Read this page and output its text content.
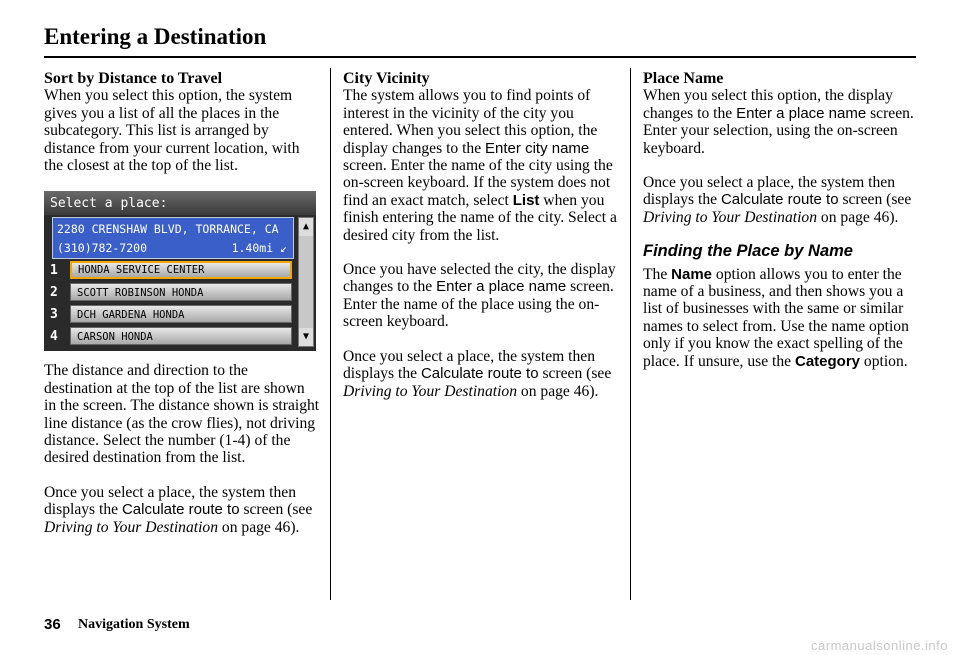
Entering a Destination
Sort by Distance to Travel

When you select this option, the system gives you a list of all the places in the subcategory. This list is arranged by distance from your current location, with the closest at the top of the list.

Select a place:
2280 CRENSHAW BLVD, TORRANCE, CA
(310)782-7200	1.40mi ↙
1	HONDA SERVICE CENTER
2	SCOTT ROBINSON HONDA
3	DCH GARDENA HONDA
4	CARSON HONDA
▲
▼

The distance and direction to the destination at the top of the list are shown in the screen. The distance shown is straight line distance (as the crow flies), not driving distance. Select the number (1-4) of the desired destination from the list.

Once you select a place, the system then displays the Calculate route to screen (see Driving to Your Destination on page 46).

City Vicinity

The system allows you to find points of interest in the vicinity of the city you entered. When you select this option, the display changes to the Enter city name screen. Enter the name of the city using the on-screen keyboard. If the system does not find an exact match, select List when you finish entering the name of the city. Select a desired city from the list.

Once you have selected the city, the display changes to the Enter a place name screen. Enter the name of the place using the on-screen keyboard.

Once you select a place, the system then displays the Calculate route to screen (see Driving to Your Destination on page 46).

Place Name

When you select this option, the display changes to the Enter a place name screen. Enter your selection, using the on-screen keyboard.

Once you select a place, the system then displays the Calculate route to screen (see Driving to Your Destination on page 46).

Finding the Place by Name

The Name option allows you to enter the name of a business, and then shows you a list of businesses with the same or similar names to select from. Use the name option only if you know the exact spelling of the place. If unsure, use the Category option.

36 Navigation System
carmanualsonline.info
